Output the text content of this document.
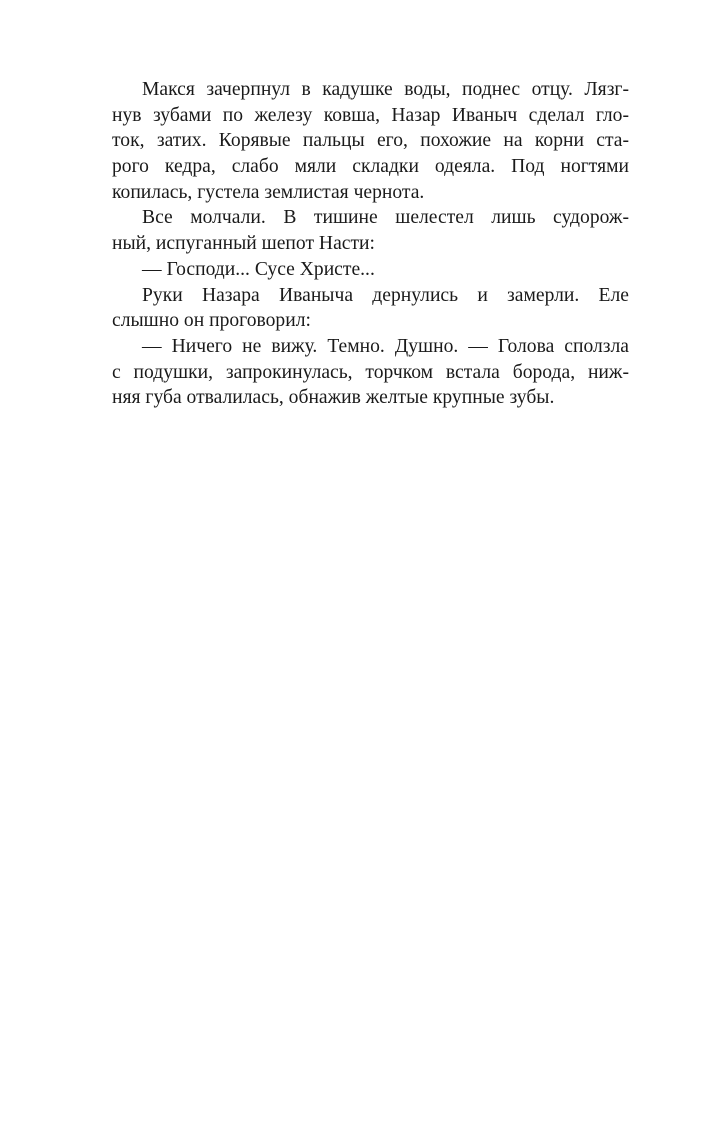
Макся зачерпнул в кадушке воды, поднес отцу. Лязг-
нув зубами по железу ковша, Назар Иваныч сделал гло-
ток, затих. Корявые пальцы его, похожие на корни ста-
рого кедра, слабо мяли складки одеяла. Под ногтями
копилась, густела землистая чернота.
Все молчали. В тишине шелестел лишь судорож-
ный, испуганный шепот Насти:
— Господи... Сусе Христе...
Руки Назара Иваныча дернулись и замерли. Еле
слышно он проговорил:
— Ничего не вижу. Темно. Душно. — Голова сползла
с подушки, запрокинулась, торчком встала борода, ниж-
няя губа отвалилась, обнажив желтые крупные зубы.
